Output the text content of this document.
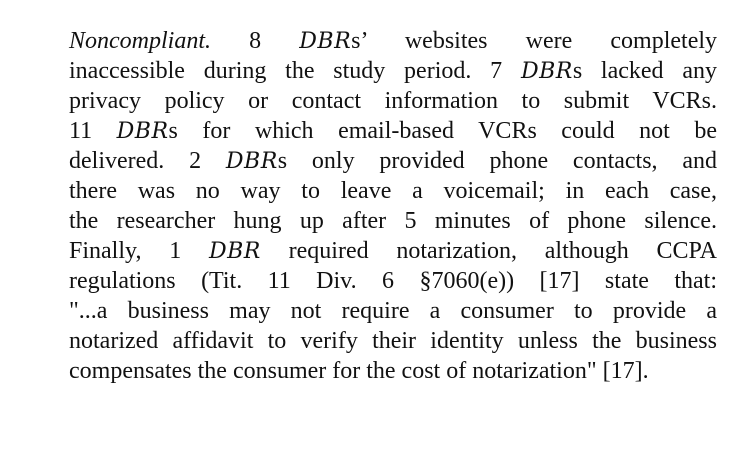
Noncompliant. 8 DBRs’ websites were completely
inaccessible during the study period. 7 DBRs lacked any
privacy policy or contact information to submit VCRs.
11 DBRs for which email-based VCRs could not be
delivered. 2 DBRs only provided phone contacts, and
there was no way to leave a voicemail; in each case,
the researcher hung up after 5 minutes of phone silence.
Finally, 1 DBR required notarization, although CCPA
regulations (Tit. 11 Div. 6 §7060(e)) [17] state that:
"...a business may not require a consumer to provide a
notarized affidavit to verify their identity unless the business
compensates the consumer for the cost of notarization" [17].
